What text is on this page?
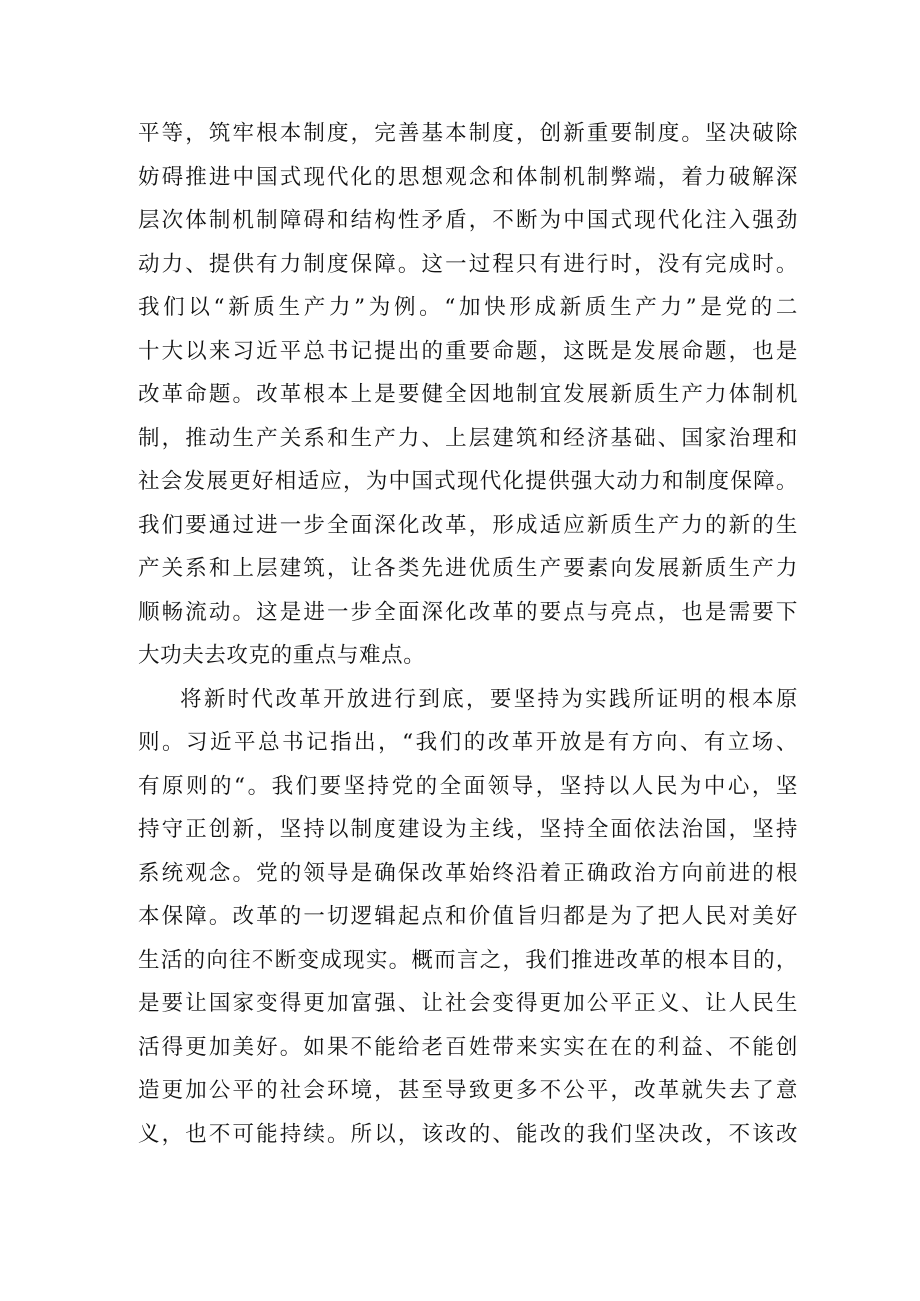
平等，筑牢根本制度，完善基本制度，创新重要制度。坚决破除
妨碍推进中国式现代化的思想观念和体制机制弊端，着力破解深
层次体制机制障碍和结构性矛盾，不断为中国式现代化注入强劲
动力、提供有力制度保障。这一过程只有进行时，没有完成时。
我们以“新质生产力”为例。“加快形成新质生产力”是党的二
十大以来习近平总书记提出的重要命题，这既是发展命题，也是
改革命题。改革根本上是要健全因地制宜发展新质生产力体制机
制，推动生产关系和生产力、上层建筑和经济基础、国家治理和
社会发展更好相适应，为中国式现代化提供强大动力和制度保障。
我们要通过进一步全面深化改革，形成适应新质生产力的新的生
产关系和上层建筑，让各类先进优质生产要素向发展新质生产力
顺畅流动。这是进一步全面深化改革的要点与亮点，也是需要下
大功夫去攻克的重点与难点。
将新时代改革开放进行到底，要坚持为实践所证明的根本原
则。习近平总书记指出，“我们的改革开放是有方向、有立场、
有原则的“。我们要坚持党的全面领导，坚持以人民为中心，坚
持守正创新，坚持以制度建设为主线，坚持全面依法治国，坚持
系统观念。党的领导是确保改革始终沿着正确政治方向前进的根
本保障。改革的一切逻辑起点和价值旨归都是为了把人民对美好
生活的向往不断变成现实。概而言之，我们推进改革的根本目的，
是要让国家变得更加富强、让社会变得更加公平正义、让人民生
活得更加美好。如果不能给老百姓带来实实在在的利益、不能创
造更加公平的社会环境，甚至导致更多不公平，改革就失去了意
义，也不可能持续。所以，该改的、能改的我们坚决改，不该改
